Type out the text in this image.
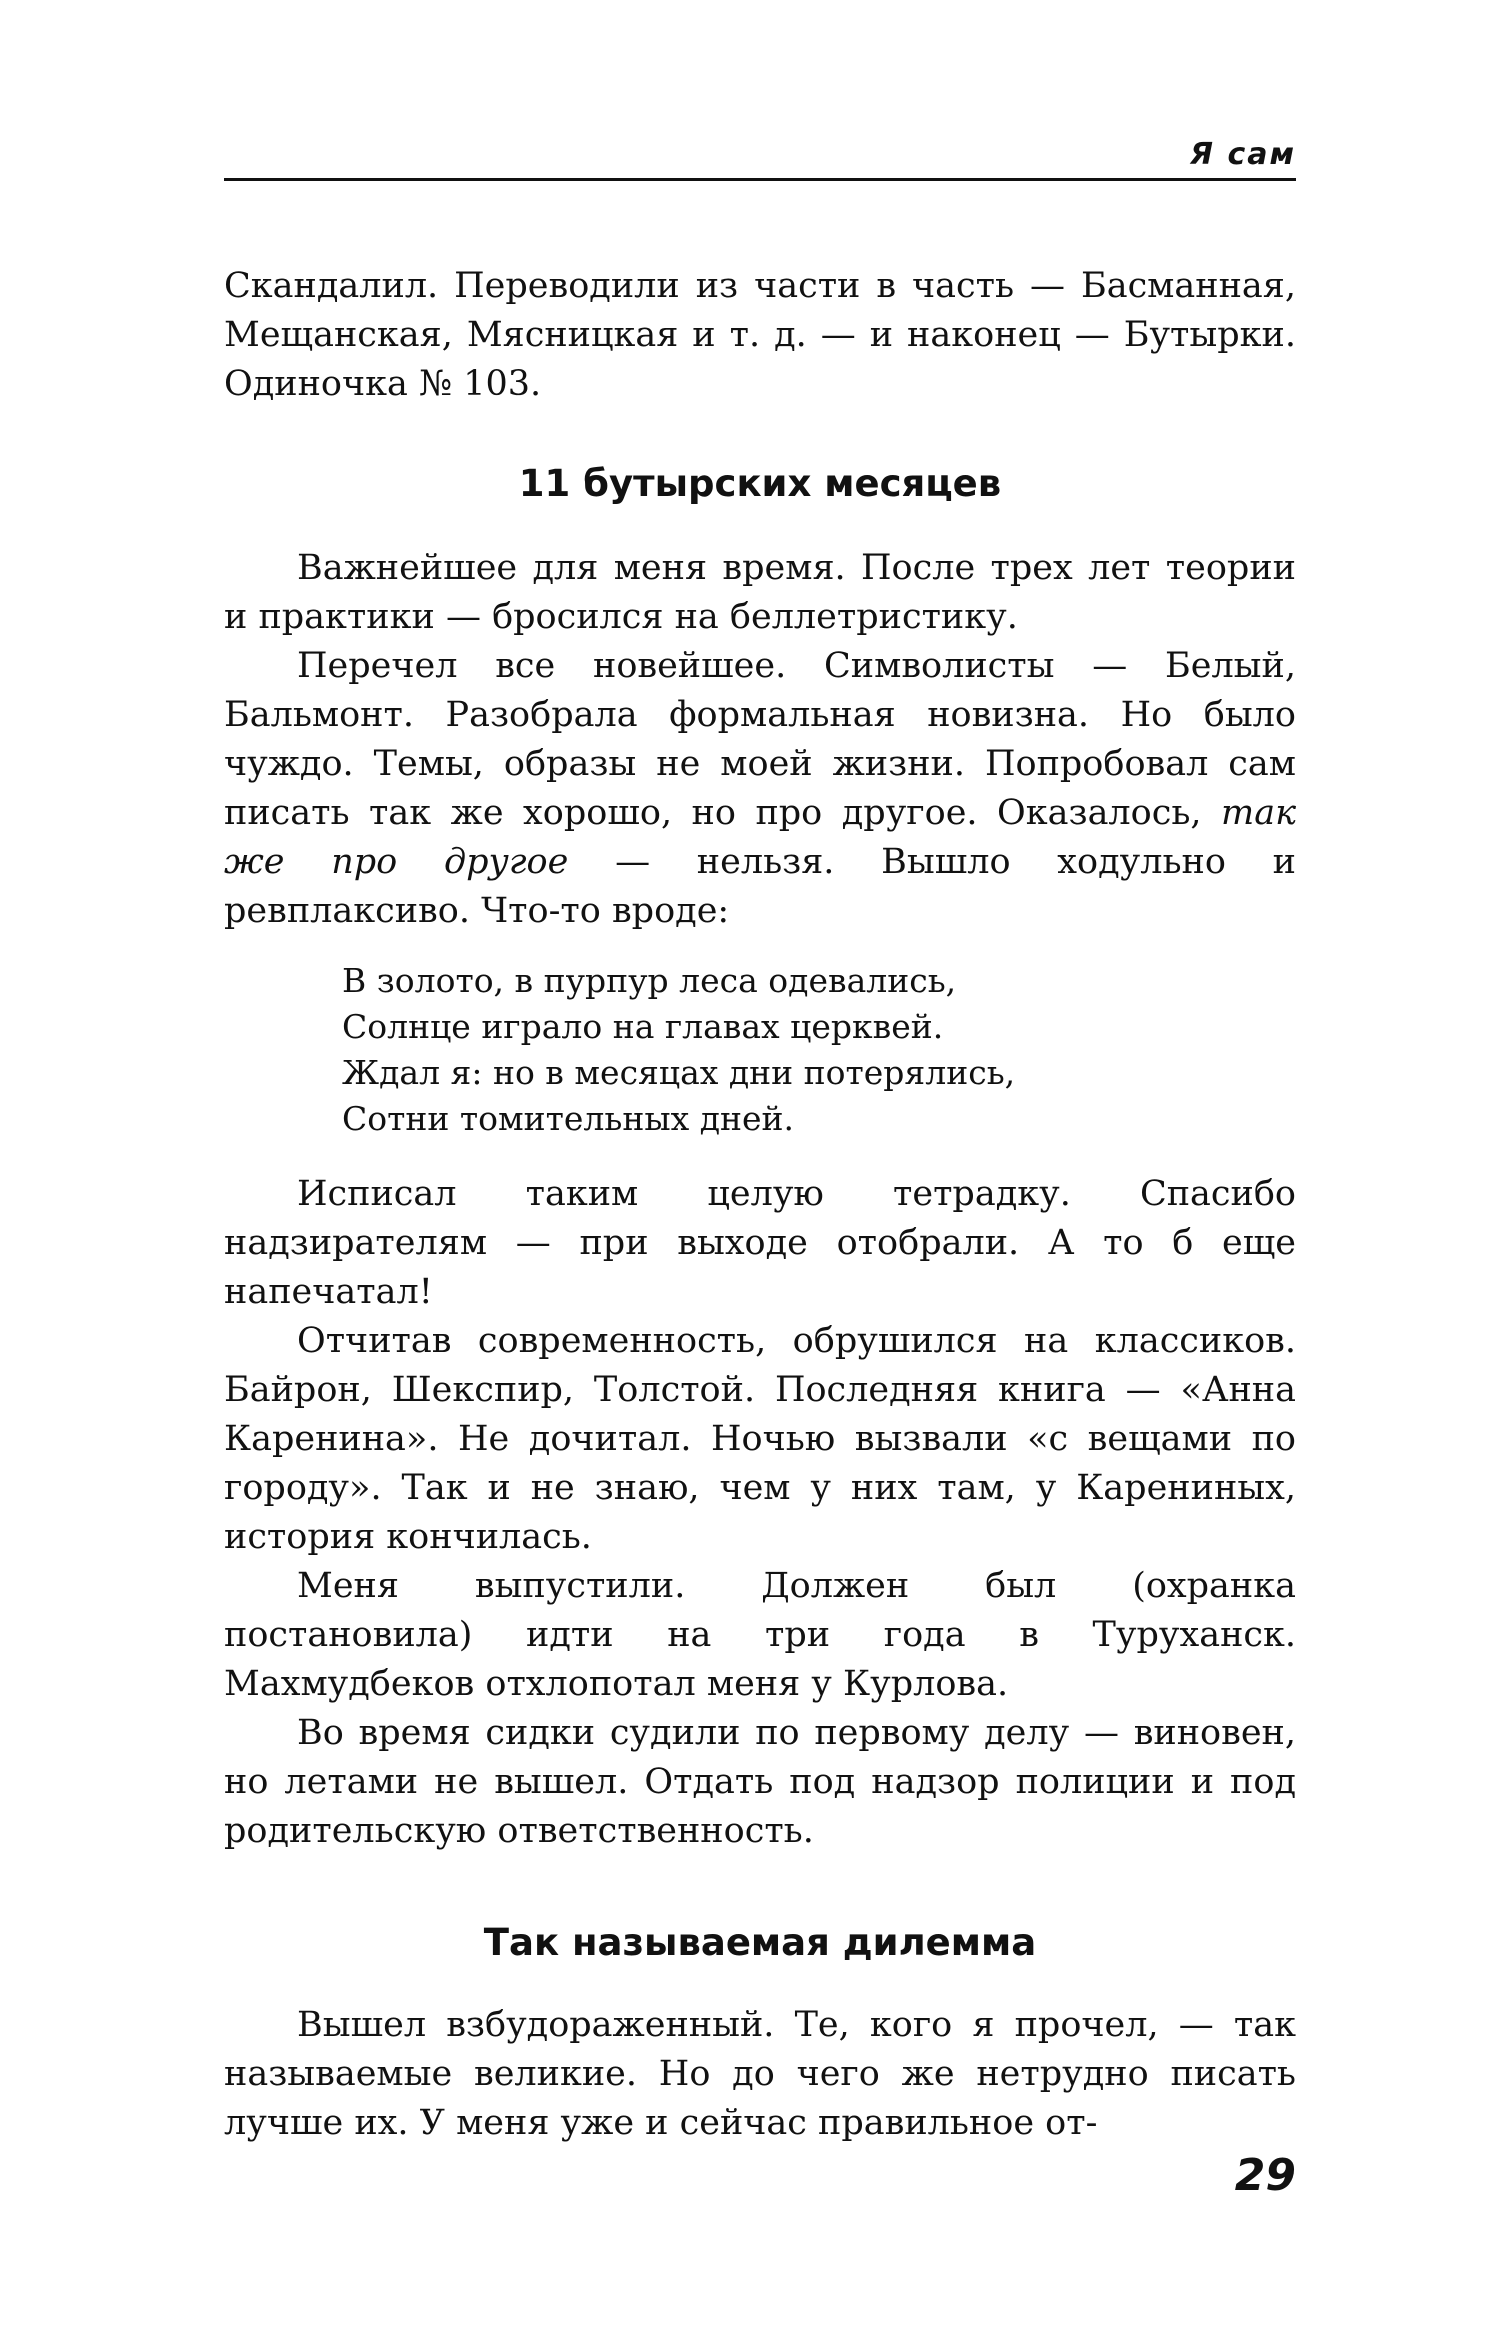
Я сам

Скандалил. Переводили из части в часть — Басманная, Мещанская, Мясницкая и т. д. — и наконец — Бутырки. Одиночка № 103.

11 бутырских месяцев

Важнейшее для меня время. После трех лет теории и практики — бросился на беллетристику.

Перечел все новейшее. Символисты — Белый, Бальмонт. Разобрала формальная новизна. Но было чуждо. Темы, образы не моей жизни. Попробовал сам писать так же хорошо, но про другое. Оказалось, так же про другое — нельзя. Вышло ходульно и ревплаксиво. Что-то вроде:

В золото, в пурпур леса одевались,
Солнце играло на главах церквей.
Ждал я: но в месяцах дни потерялись,
Сотни томительных дней.

Исписал таким целую тетрадку. Спасибо надзирателям — при выходе отобрали. А то б еще напечатал!

Отчитав современность, обрушился на классиков. Байрон, Шекспир, Толстой. Последняя книга — «Анна Каренина». Не дочитал. Ночью вызвали «с вещами по городу». Так и не знаю, чем у них там, у Карениных, история кончилась.

Меня выпустили. Должен был (охранка постановила) идти на три года в Туруханск. Махмудбеков отхлопотал меня у Курлова.

Во время сидки судили по первому делу — виновен, но летами не вышел. Отдать под надзор полиции и под родительскую ответственность.

Так называемая дилемма

Вышел взбудораженный. Те, кого я прочел, — так называемые великие. Но до чего же нетрудно писать лучше их. У меня уже и сейчас правильное от-

29
